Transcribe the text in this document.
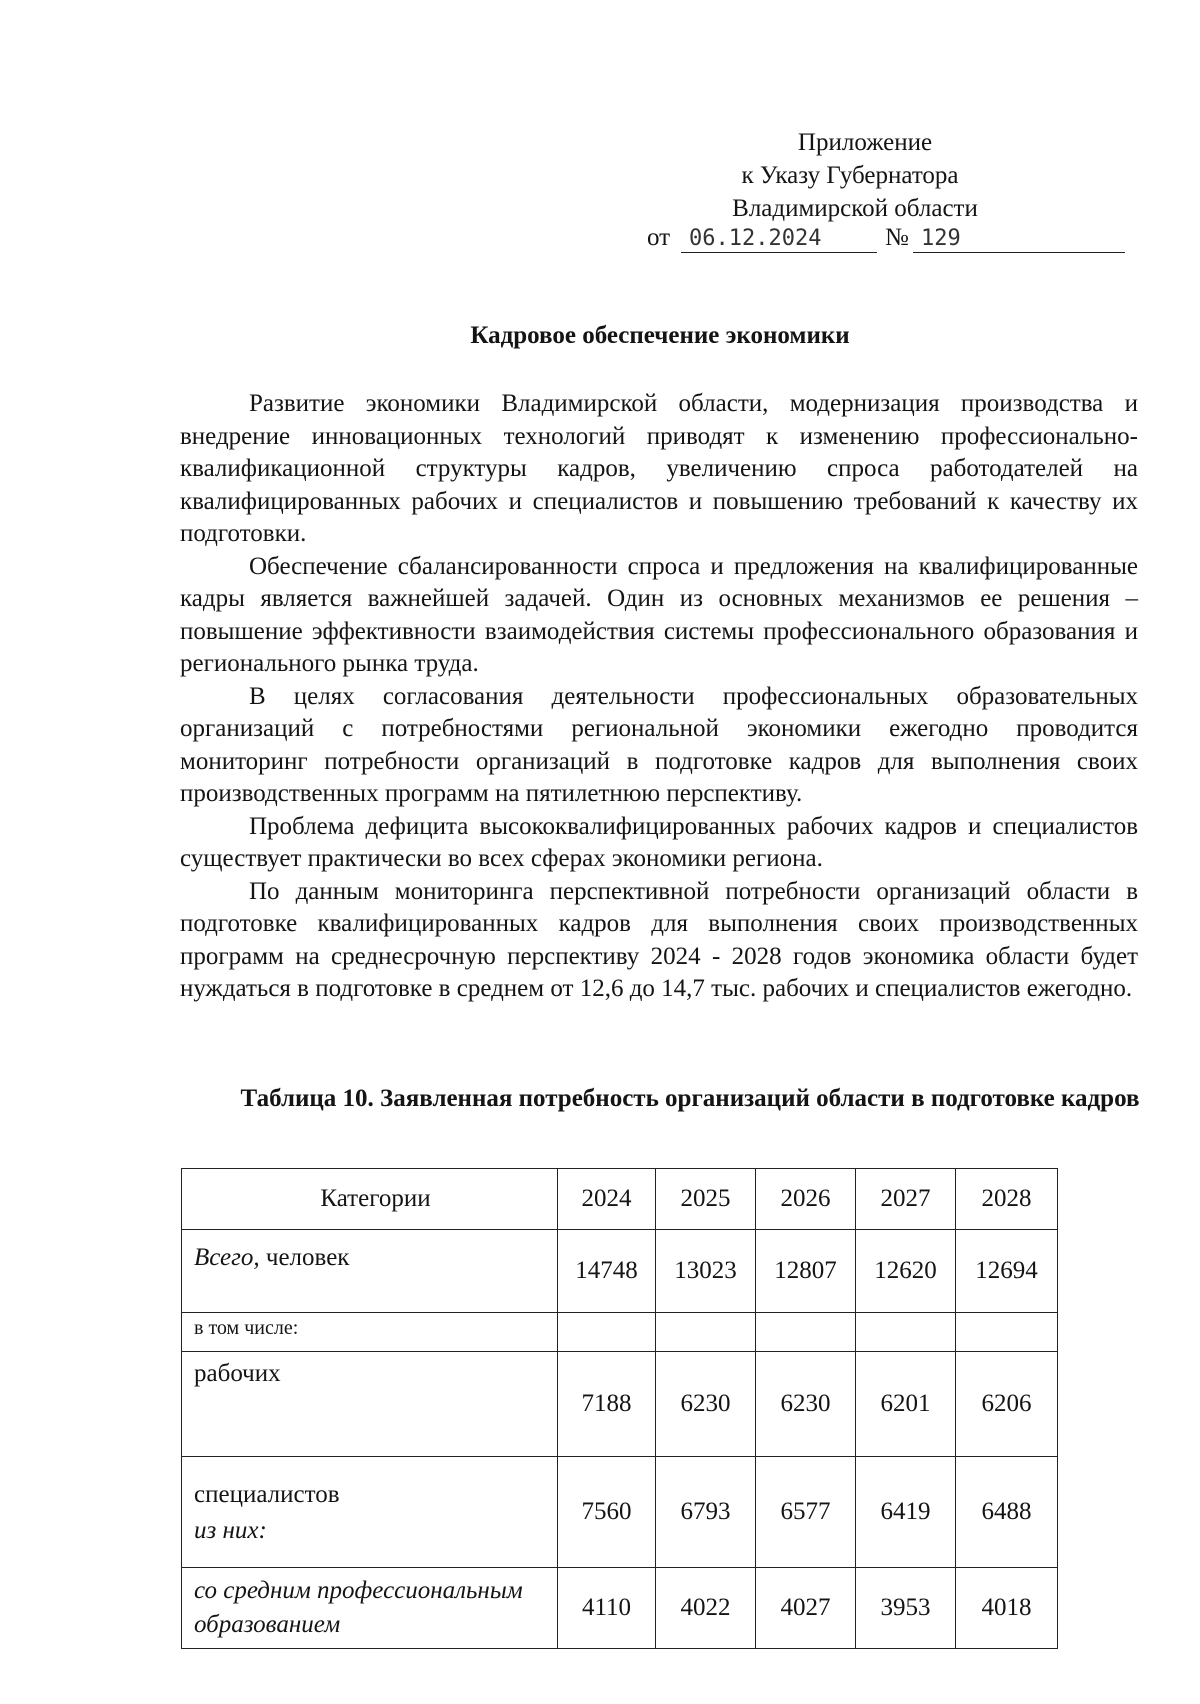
Приложение
к Указу Губернатора
Владимирской области
от 06.12.2024	№ 129
Кадровое обеспечение экономики

Развитие экономики Владимирской области, модернизация производства и внедрение инновационных технологий приводят к изменению профессионально-квалификационной структуры кадров, увеличению спроса работодателей на квалифицированных рабочих и специалистов и повышению требований к качеству их подготовки.

Обеспечение сбалансированности спроса и предложения на квалифицированные кадры является важнейшей задачей. Один из основных механизмов ее решения – повышение эффективности взаимодействия системы профессионального образования и регионального рынка труда.

В целях согласования деятельности профессиональных образовательных организаций с потребностями региональной экономики ежегодно проводится мониторинг потребности организаций в подготовке кадров для выполнения своих производственных программ на пятилетнюю перспективу.

Проблема дефицита высококвалифицированных рабочих кадров и специалистов существует практически во всех сферах экономики региона.

По данным мониторинга перспективной потребности организаций области в подготовке квалифицированных кадров для выполнения своих производственных программ на среднесрочную перспективу 2024 - 2028 годов экономика области будет нуждаться в подготовке в среднем от 12,6 до 14,7 тыс. рабочих и специалистов ежегодно.

Таблица 10. Заявленная потребность организаций области в подготовке кадров
Категории	2024	2025	2026	2027	2028
Всего, человек	14748	13023	12807	12620	12694
в том числе:					
рабочих	7188	6230	6230	6201	6206

специалистов
из них:	7560	6793	6577	6419	6488

со средним профессиональным
образованием	4110	4022	4027	3953	4018
